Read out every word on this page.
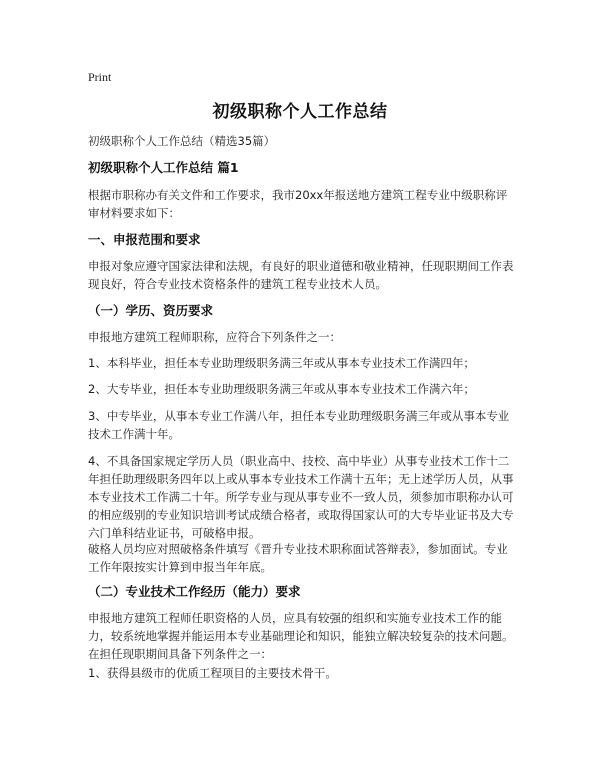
Print
初级职称个人工作总结

初级职称个人工作总结（精选35篇）

初级职称个人工作总结 篇1

根据市职称办有关文件和工作要求，我市20xx年报送地方建筑工程专业中级职称评审材料要求如下：

一、申报范围和要求

申报对象应遵守国家法律和法规，有良好的职业道德和敬业精神，任现职期间工作表现良好，符合专业技术资格条件的建筑工程专业技术人员。

（一）学历、资历要求

申报地方建筑工程师职称，应符合下列条件之一：

1、本科毕业，担任本专业助理级职务满三年或从事本专业技术工作满四年；

2、大专毕业，担任本专业助理级职务满三年或从事本专业技术工作满六年；

3、中专毕业，从事本专业工作满八年，担任本专业助理级职务满三年或从事本专业技术工作满十年。

4、不具备国家规定学历人员（职业高中、技校、高中毕业）从事专业技术工作十二年担任助理级职务四年以上或从事本专业技术工作满十五年；无上述学历人员，从事本专业技术工作满二十年。所学专业与现从事专业不一致人员，须参加市职称办认可的相应级别的专业知识培训考试成绩合格者，或取得国家认可的大专毕业证书及大专六门单科结业证书，可破格申报。

破格人员均应对照破格条件填写《晋升专业技术职称面试答辩表》，参加面试。专业工作年限按实计算到申报当年年底。

（二）专业技术工作经历（能力）要求

申报地方建筑工程师任职资格的人员，应具有较强的组织和实施专业技术工作的能力，较系统地掌握并能运用本专业基础理论和知识，能独立解决较复杂的技术问题。在担任现职期间具备下列条件之一：

1、获得县级市的优质工程项目的主要技术骨干。
